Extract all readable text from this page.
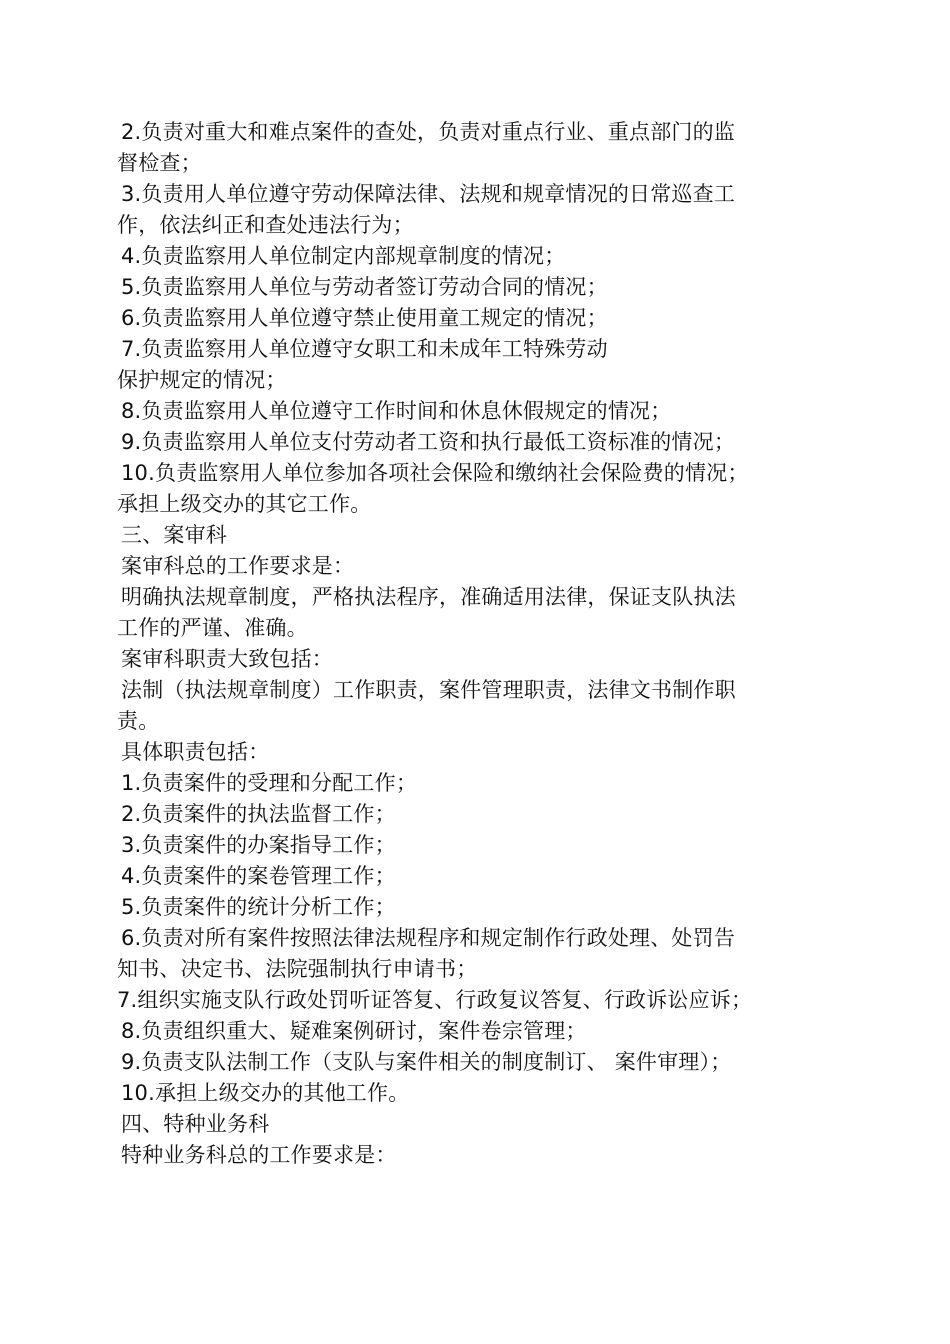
2.负责对重大和难点案件的查处，负责对重点行业、重点部门的监
督检查；
3.负责用人单位遵守劳动保障法律、法规和规章情况的日常巡查工
作，依法纠正和查处违法行为；
4.负责监察用人单位制定内部规章制度的情况；
5.负责监察用人单位与劳动者签订劳动合同的情况；
6.负责监察用人单位遵守禁止使用童工规定的情况；
7.负责监察用人单位遵守女职工和未成年工特殊劳动
保护规定的情况；
8.负责监察用人单位遵守工作时间和休息休假规定的情况；
9.负责监察用人单位支付劳动者工资和执行最低工资标准的情况；
10.负责监察用人单位参加各项社会保险和缴纳社会保险费的情况；
承担上级交办的其它工作。
三、案审科
案审科总的工作要求是：
明确执法规章制度，严格执法程序，准确适用法律，保证支队执法
工作的严谨、准确。
案审科职责大致包括：
法制（执法规章制度）工作职责，案件管理职责，法律文书制作职
责。
具体职责包括：
1.负责案件的受理和分配工作；
2.负责案件的执法监督工作；
3.负责案件的办案指导工作；
4.负责案件的案卷管理工作；
5.负责案件的统计分析工作；
6.负责对所有案件按照法律法规程序和规定制作行政处理、处罚告
知书、决定书、法院强制执行申请书；
7.组织实施支队行政处罚听证答复、行政复议答复、行政诉讼应诉；
8.负责组织重大、疑难案例研讨，案件卷宗管理；
9.负责支队法制工作（支队与案件相关的制度制订、 案件审理）；
10.承担上级交办的其他工作。
四、特种业务科
特种业务科总的工作要求是：
